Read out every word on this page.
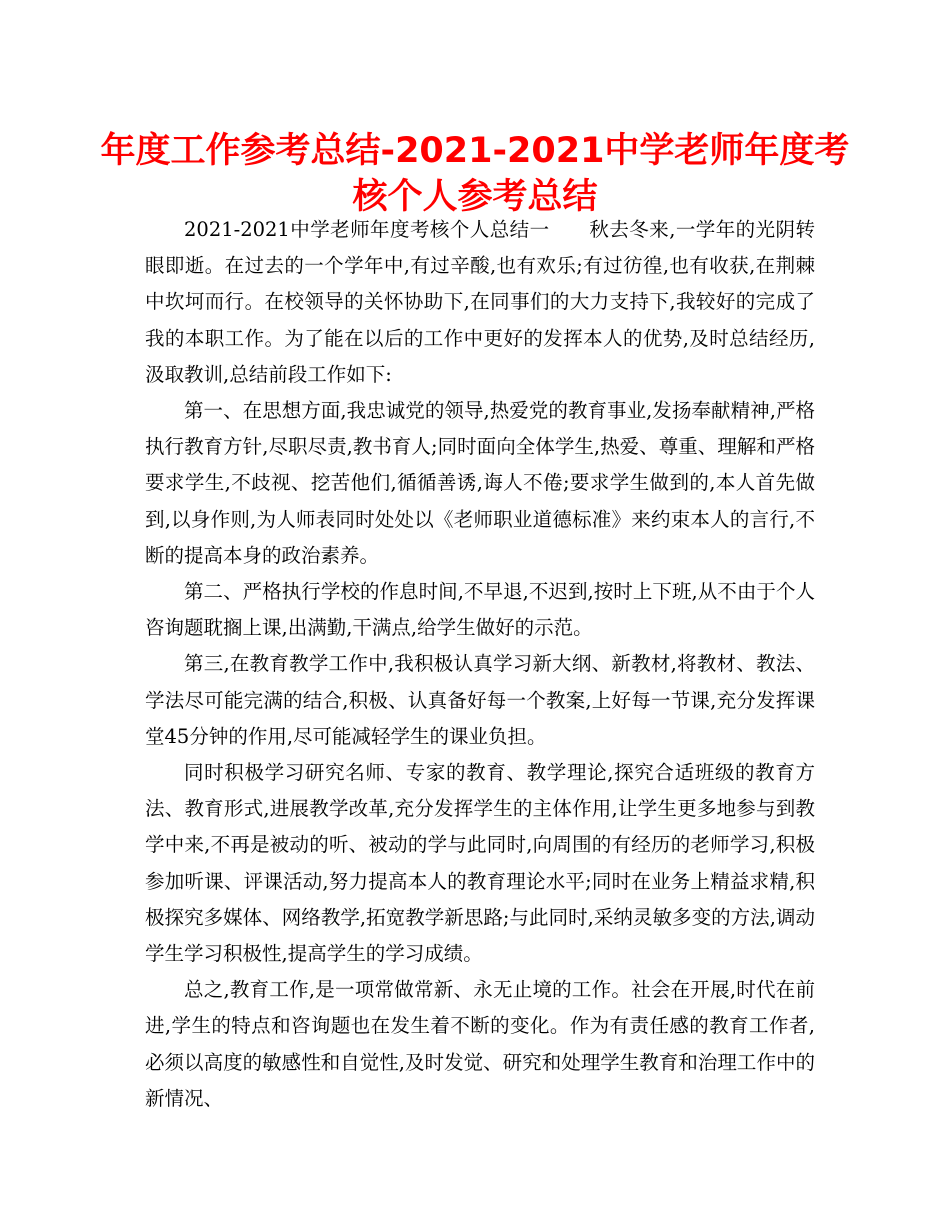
年度工作参考总结-2021-2021中学老师年度考核个人参考总结

2021-2021中学老师年度考核个人总结一　　秋去冬来,一学年的光阴转眼即逝。在过去的一个学年中,有过辛酸,也有欢乐;有过彷徨,也有收获,在荆棘中坎坷而行。在校领导的关怀协助下,在同事们的大力支持下,我较好的完成了我的本职工作。为了能在以后的工作中更好的发挥本人的优势,及时总结经历,汲取教训,总结前段工作如下:

第一、在思想方面,我忠诚党的领导,热爱党的教育事业,发扬奉献精神,严格执行教育方针,尽职尽责,教书育人;同时面向全体学生,热爱、尊重、理解和严格要求学生,不歧视、挖苦他们,循循善诱,诲人不倦;要求学生做到的,本人首先做到,以身作则,为人师表同时处处以《老师职业道德标准》来约束本人的言行,不断的提高本身的政治素养。

第二、严格执行学校的作息时间,不早退,不迟到,按时上下班,从不由于个人咨询题耽搁上课,出满勤,干满点,给学生做好的示范。

第三,在教育教学工作中,我积极认真学习新大纲、新教材,将教材、教法、学法尽可能完满的结合,积极、认真备好每一个教案,上好每一节课,充分发挥课堂45分钟的作用,尽可能减轻学生的课业负担。

同时积极学习研究名师、专家的教育、教学理论,探究合适班级的教育方法、教育形式,进展教学改革,充分发挥学生的主体作用,让学生更多地参与到教学中来,不再是被动的听、被动的学与此同时,向周围的有经历的老师学习,积极参加听课、评课活动,努力提高本人的教育理论水平;同时在业务上精益求精,积极探究多媒体、网络教学,拓宽教学新思路;与此同时,采纳灵敏多变的方法,调动学生学习积极性,提高学生的学习成绩。

总之,教育工作,是一项常做常新、永无止境的工作。社会在开展,时代在前进,学生的特点和咨询题也在发生着不断的变化。作为有责任感的教育工作者,必须以高度的敏感性和自觉性,及时发觉、研究和处理学生教育和治理工作中的新情况、
